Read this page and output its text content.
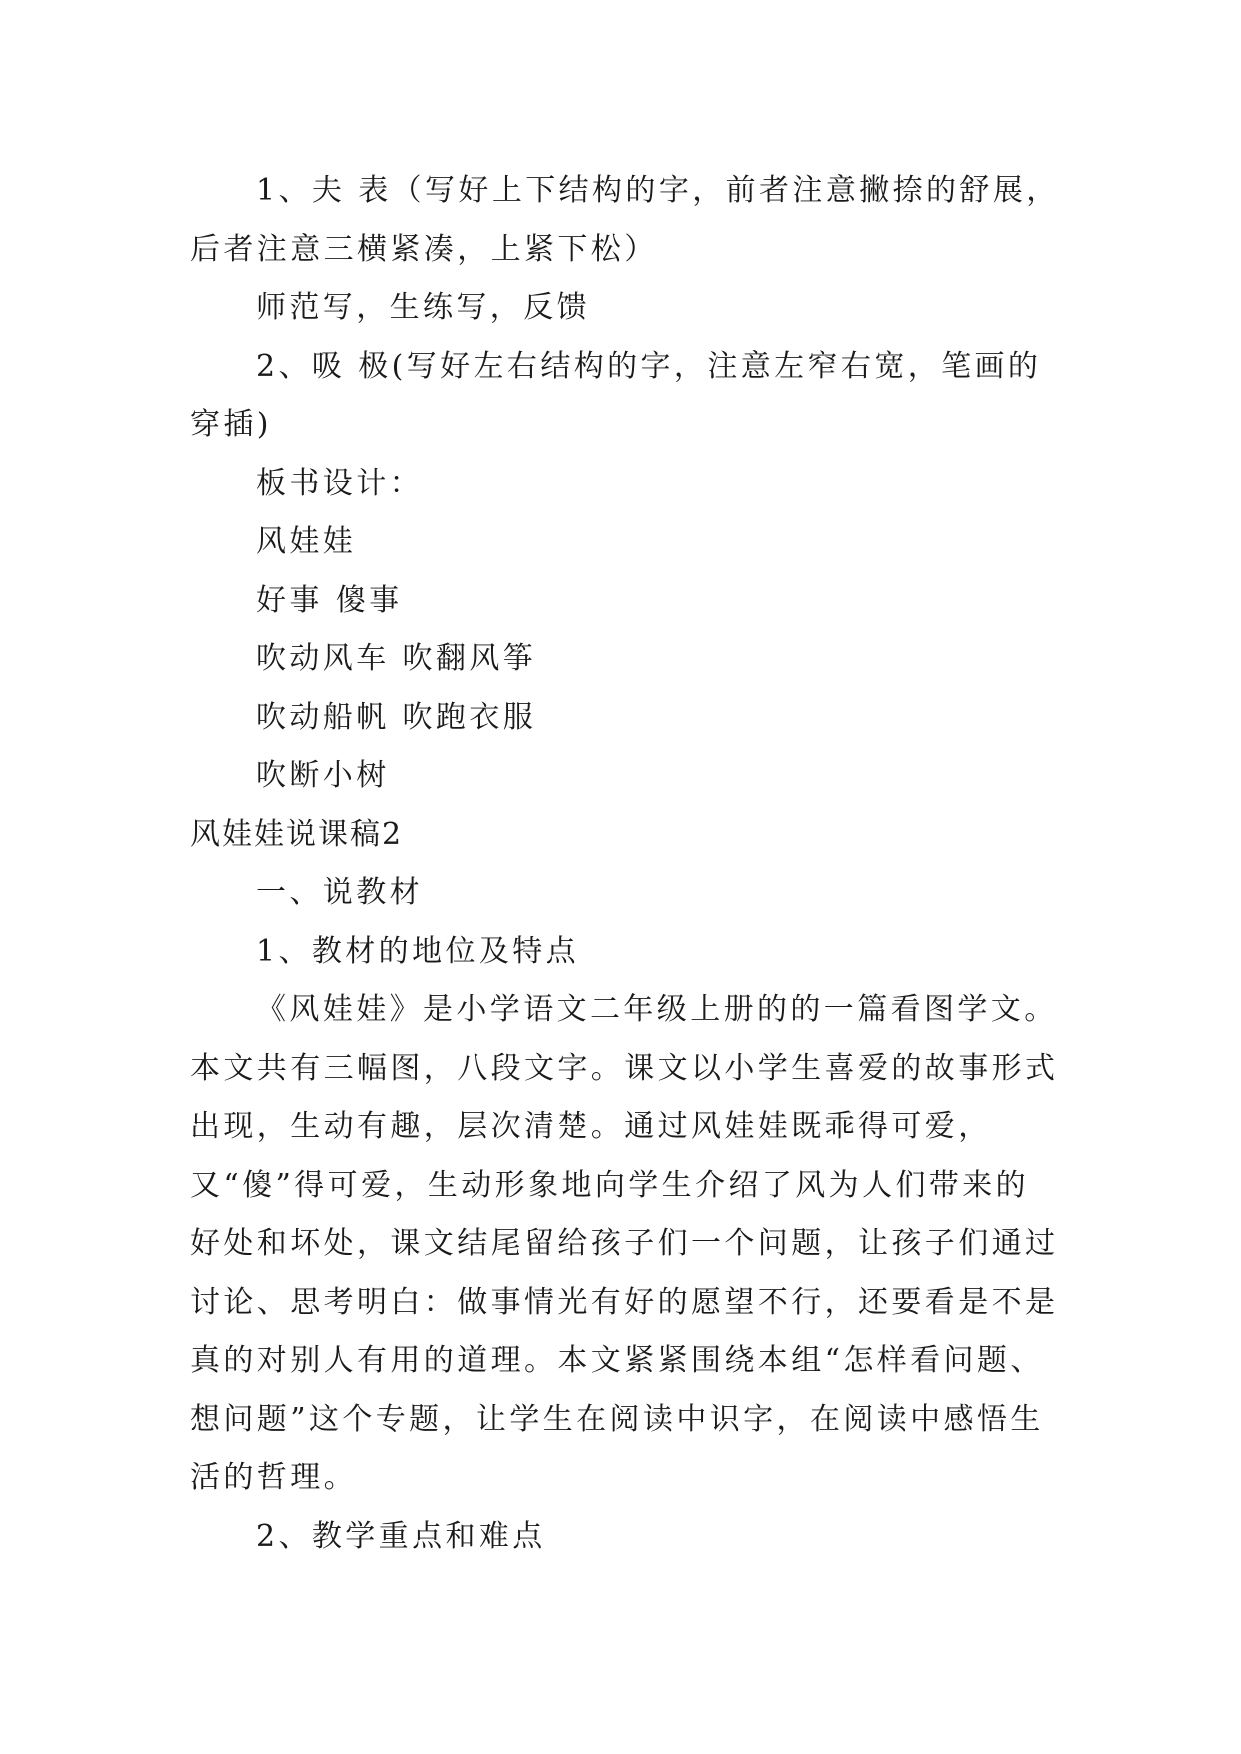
1、夫 表（写好上下结构的字，前者注意撇捺的舒展，后者注意三横紧凑，上紧下松）

师范写，生练写，反馈

2、吸 极(写好左右结构的字，注意左窄右宽，笔画的穿插)

板书设计：

风娃娃

好事 傻事

吹动风车 吹翻风筝

吹动船帆 吹跑衣服

吹断小树

风娃娃说课稿2

一、说教材

1、教材的地位及特点

《风娃娃》是小学语文二年级上册的的一篇看图学文。本文共有三幅图，八段文字。课文以小学生喜爱的故事形式出现，生动有趣，层次清楚。通过风娃娃既乖得可爱，又“傻”得可爱，生动形象地向学生介绍了风为人们带来的好处和坏处，课文结尾留给孩子们一个问题，让孩子们通过讨论、思考明白：做事情光有好的愿望不行，还要看是不是真的对别人有用的道理。本文紧紧围绕本组“怎样看问题、想问题”这个专题，让学生在阅读中识字，在阅读中感悟生活的哲理。

2、教学重点和难点
